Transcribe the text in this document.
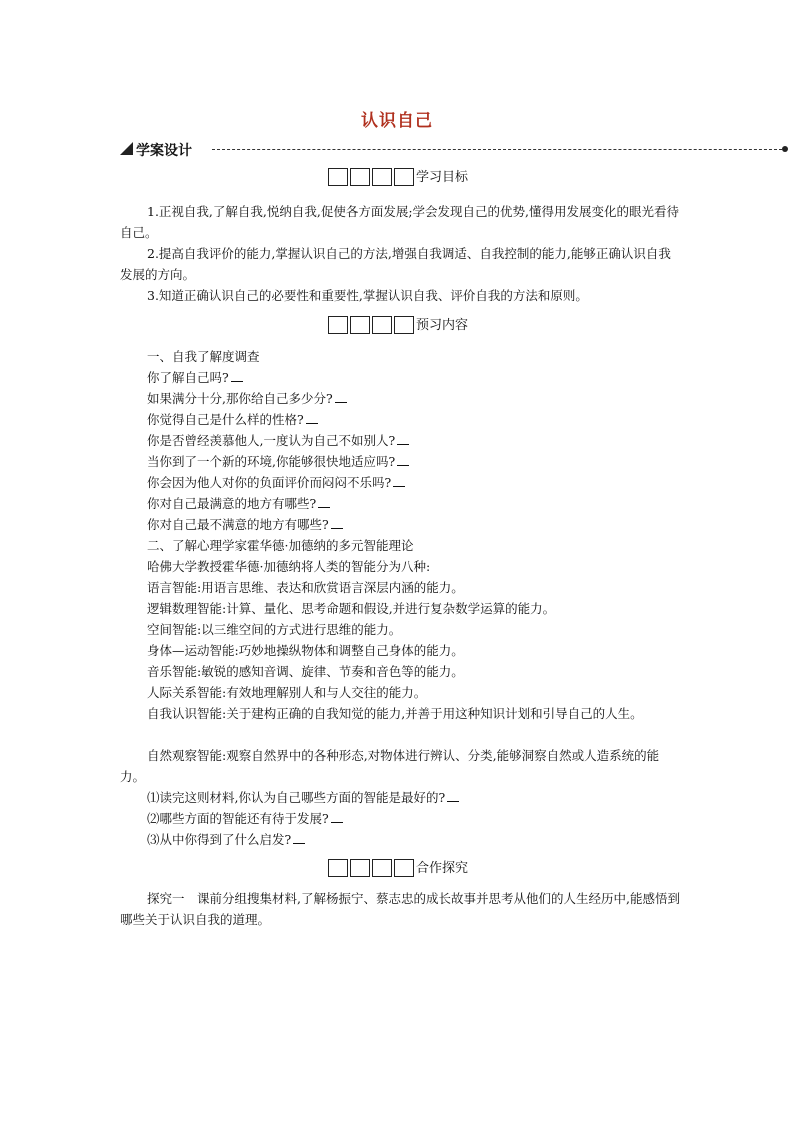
认识自己
学案设计
学习目标
1.正视自我,了解自我,悦纳自我,促使各方面发展;学会发现自己的优势,懂得用发展变化的眼光看待自己。
2.提高自我评价的能力,掌握认识自己的方法,增强自我调适、自我控制的能力,能够正确认识自我发展的方向。
3.知道正确认识自己的必要性和重要性,掌握认识自我、评价自我的方法和原则。
预习内容
一、自我了解度调查
你了解自己吗?
如果满分十分,那你给自己多少分?
你觉得自己是什么样的性格?
你是否曾经羡慕他人,一度认为自己不如别人?
当你到了一个新的环境,你能够很快地适应吗?
你会因为他人对你的负面评价而闷闷不乐吗?
你对自己最满意的地方有哪些?
你对自己最不满意的地方有哪些?
二、了解心理学家霍华德·加德纳的多元智能理论
哈佛大学教授霍华德·加德纳将人类的智能分为八种:
语言智能:用语言思维、表达和欣赏语言深层内涵的能力。
逻辑数理智能:计算、量化、思考命题和假设,并进行复杂数学运算的能力。
空间智能:以三维空间的方式进行思维的能力。
身体—运动智能:巧妙地操纵物体和调整自己身体的能力。
音乐智能:敏锐的感知音调、旋律、节奏和音色等的能力。
人际关系智能:有效地理解别人和与人交往的能力。
自我认识智能:关于建构正确的自我知觉的能力,并善于用这种知识计划和引导自己的人生。
自然观察智能:观察自然界中的各种形态,对物体进行辨认、分类,能够洞察自然或人造系统的能力。
⑴读完这则材料,你认为自己哪些方面的智能是最好的?
⑵哪些方面的智能还有待于发展?
⑶从中你得到了什么启发?
合作探究
探究一　课前分组搜集材料,了解杨振宁、蔡志忠的成长故事并思考从他们的人生经历中,能感悟到哪些关于认识自我的道理。
